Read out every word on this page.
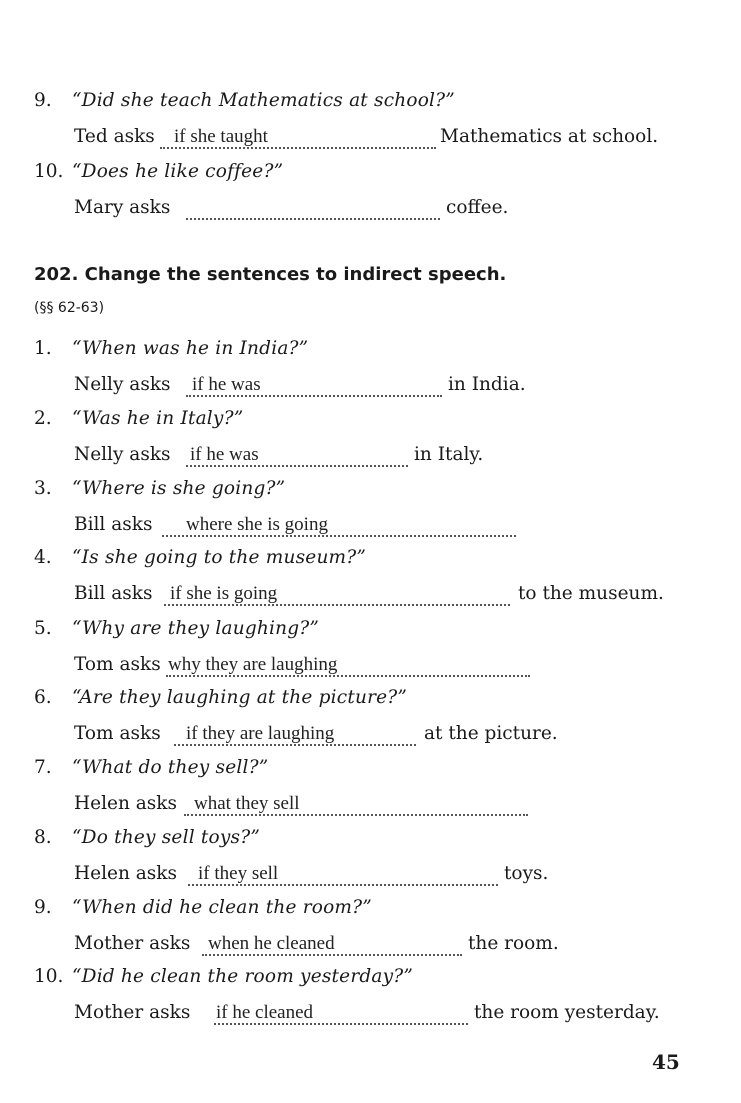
9. “Did she teach Mathematics at school?”
Ted asks if she taught	Mathematics at school.
10. “Does he like coffee?”
Mary asks	coffee.
202. Change the sentences to indirect speech.
(§§ 62-63)
1. “When was he in India?”
Nelly asks if he was	in India.
2. “Was he in Italy?”
Nelly asks if he was	in Italy.
3. “Where is she going?”
Bill asks where she is going
4. “Is she going to the museum?”
Bill asks if she is going	to the museum.
5. “Why are they laughing?”
Tom asks why they are laughing
6. “Are they laughing at the picture?”
Tom asks if they are laughing	at the picture.
7. “What do they sell?”
Helen asks what they sell
8. “Do they sell toys?”
Helen asks if they sell	toys.
9. “When did he clean the room?”
Mother asks when he cleaned	the room.
10. “Did he clean the room yesterday?”
Mother asks if he cleaned	the room yesterday.
45
